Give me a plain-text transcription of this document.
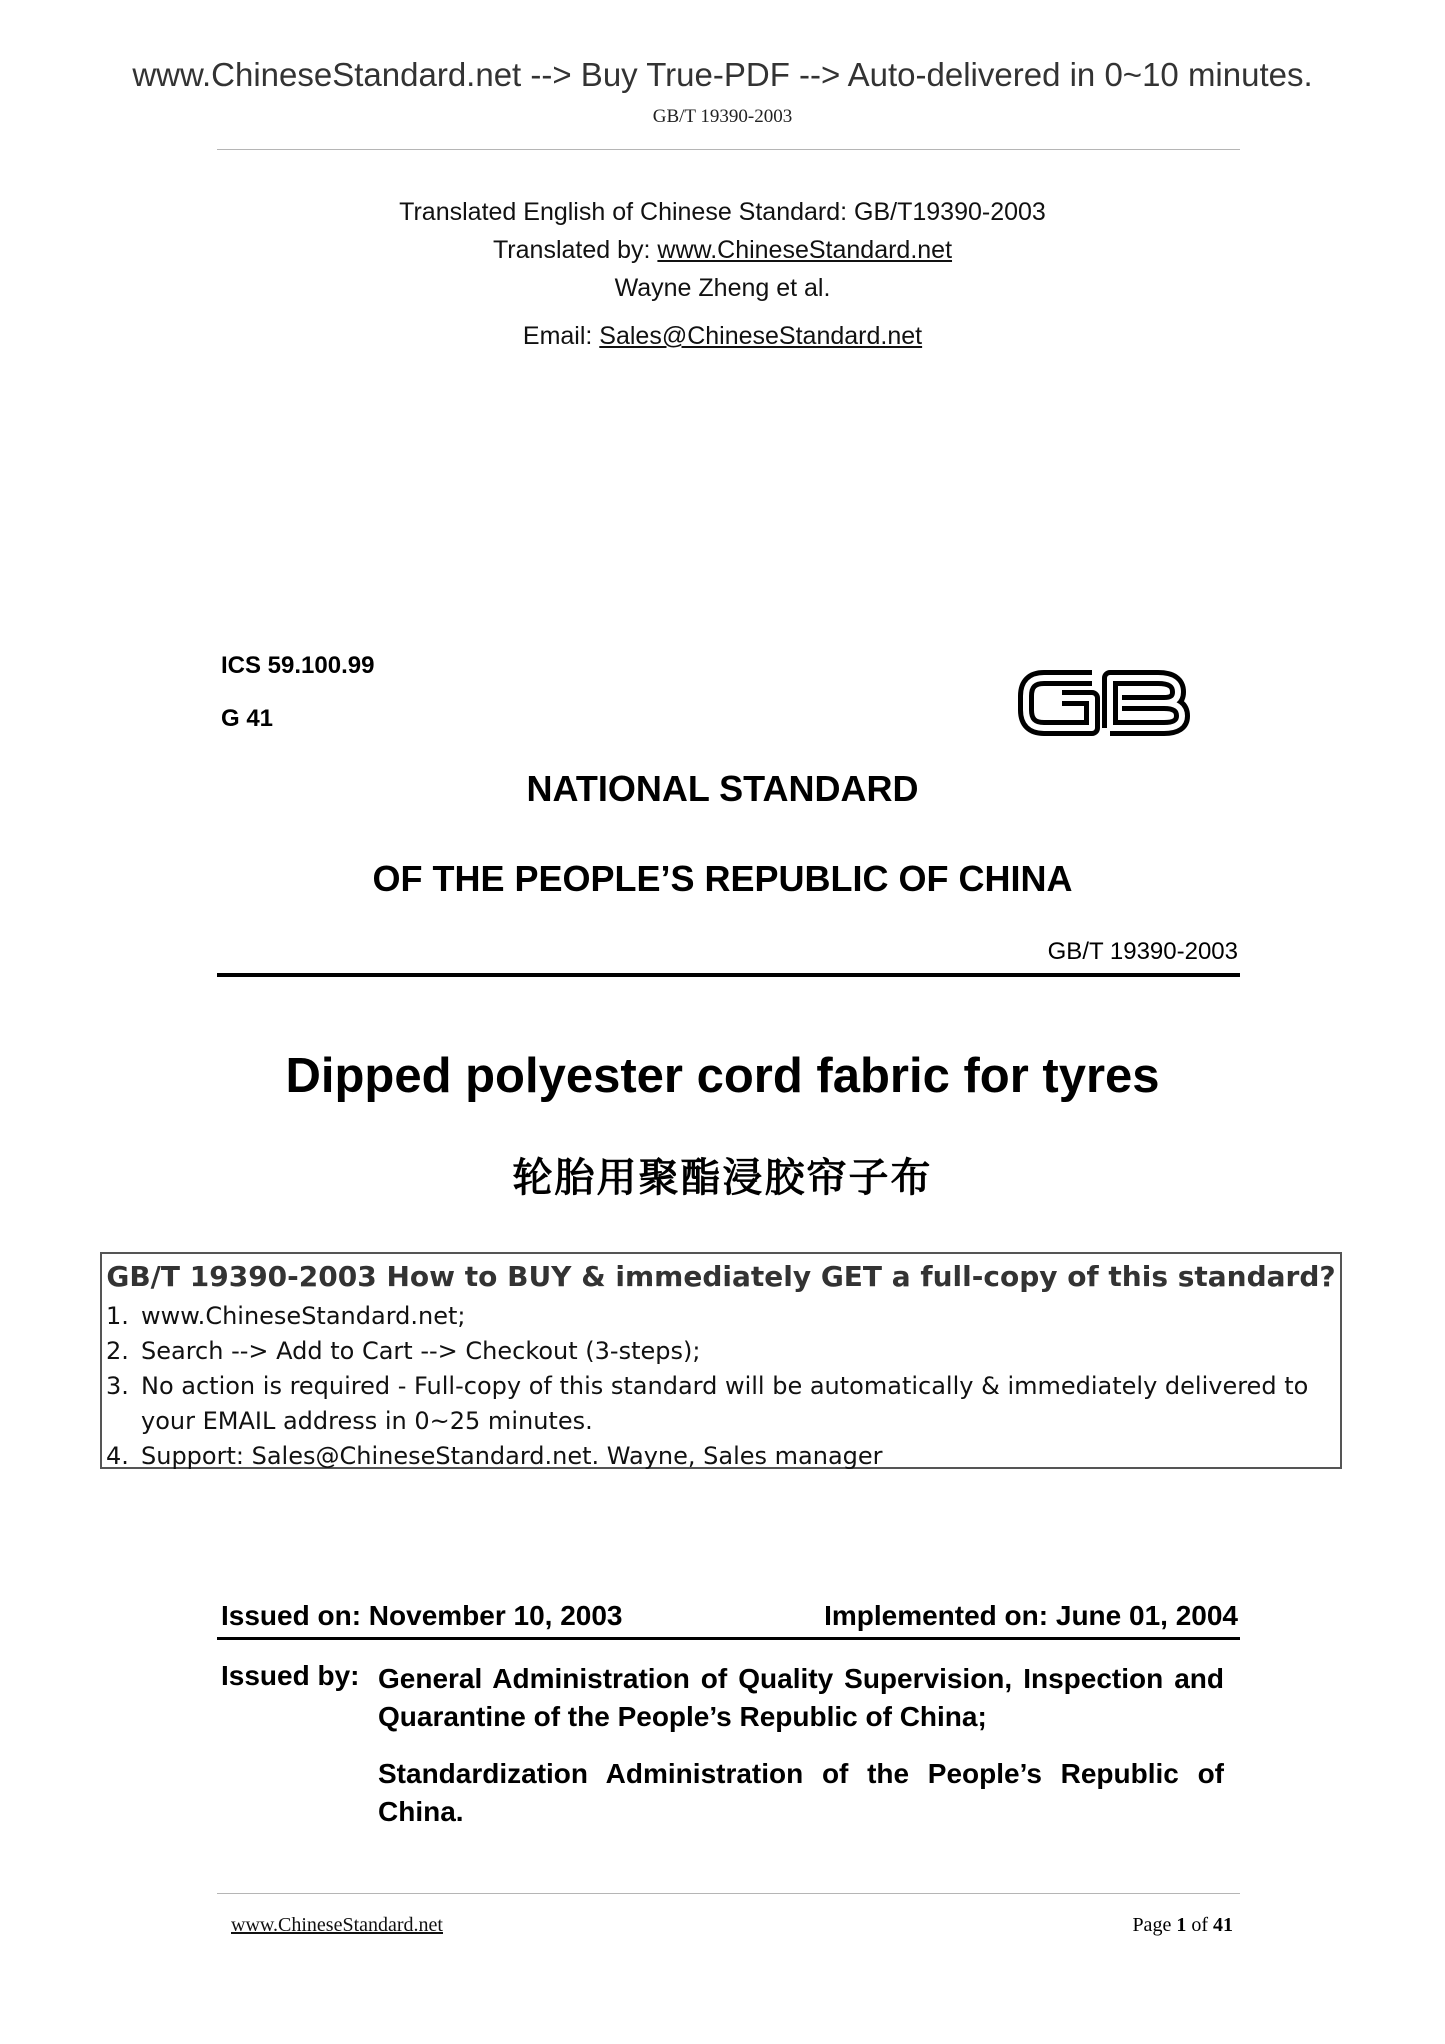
www.ChineseStandard.net --> Buy True-PDF --> Auto-delivered in 0~10 minutes.
GB/T 19390-2003
Translated English of Chinese Standard: GB/T19390-2003
Translated by: www.ChineseStandard.net
Wayne Zheng et al.
Email: Sales@ChineseStandard.net
ICS 59.100.99
G 41
NATIONAL STANDARD
OF THE PEOPLE’S REPUBLIC OF CHINA
GB/T 19390-2003
Dipped polyester cord fabric for tyres
轮胎用聚酯浸胶帘子布
GB/T 19390-2003 How to BUY & immediately GET a full-copy of this standard?
1. www.ChineseStandard.net;
2. Search --> Add to Cart --> Checkout (3-steps);
3. No action is required - Full-copy of this standard will be automatically & immediately delivered to
your EMAIL address in 0~25 minutes.
4. Support: Sales@ChineseStandard.net. Wayne, Sales manager
Issued on: November 10, 2003	Implemented on: June 01, 2004
Issued by: General Administration of Quality Supervision, Inspection and Quarantine of the People’s Republic of China;
Standardization Administration of the People’s Republic of China.
www.ChineseStandard.net	Page 1 of 41
